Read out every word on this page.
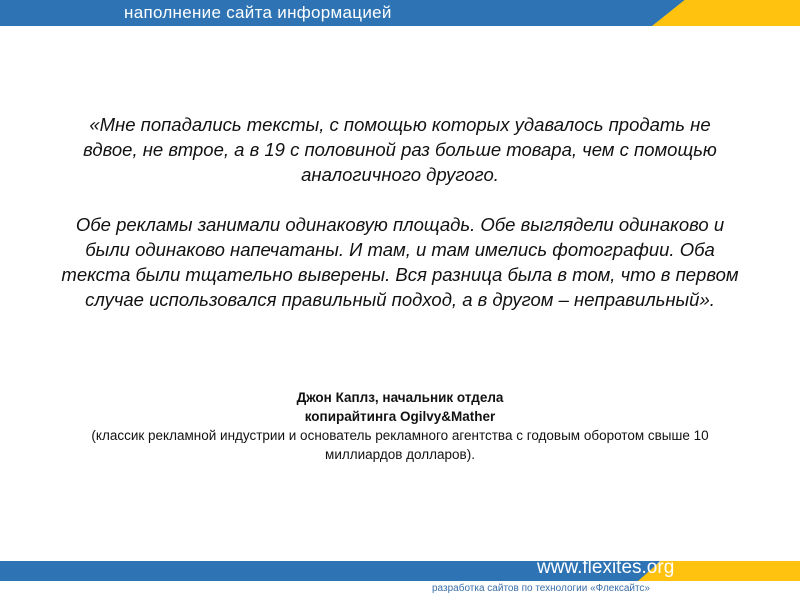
наполнение сайта информацией

«Мне попадались тексты, с помощью которых удавалось продать не вдвое, не втрое, а в 19 с половиной раз больше товара, чем с помощью аналогичного другого.

Обе рекламы занимали одинаковую площадь. Обе выглядели одинаково и были одинаково напечатаны. И там, и там имелись фотографии. Оба текста были тщательно выверены. Вся разница была в том, что в первом случае использовался правильный подход, а в другом – неправильный».

Джон Каплз, начальник отдела
копирайтинга Ogilvy&Mather
(классик рекламной индустрии и основатель рекламного агентства с годовым оборотом свыше 10 миллиардов долларов).
www.flexites.org
разработка сайтов по технологии «Флексайтс»
